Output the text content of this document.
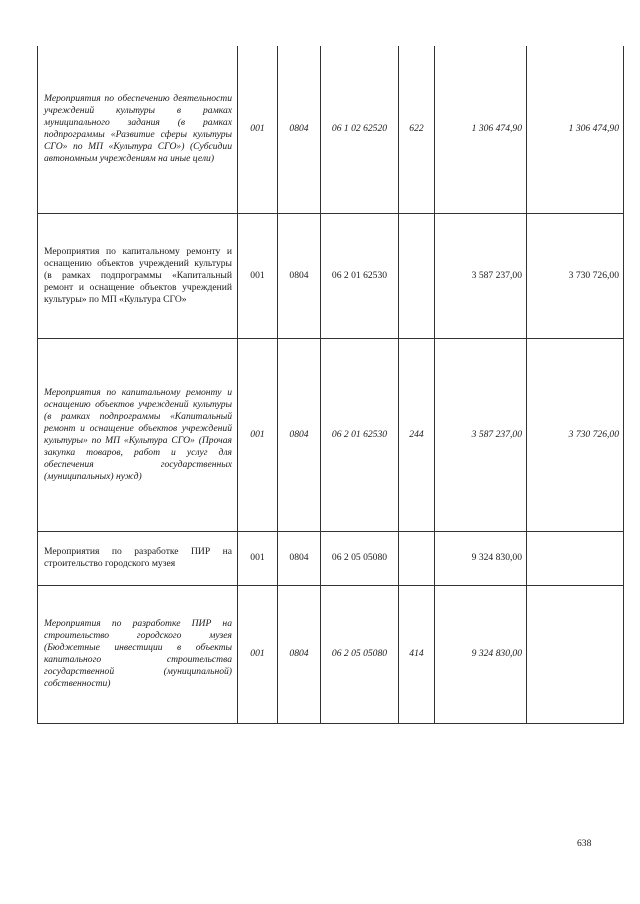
Мероприятия по обеспечению деятельности учреждений культуры в рамках муниципального задания (в рамках подпрограммы «Развитие сферы культуры СГО» по МП «Культура СГО») (Субсидии автономным учреждениям на иные цели)	001	0804	06 1 02 62520	622	1 306 474,90	1 306 474,90
Мероприятия по капитальному ремонту и оснащению объектов учреждений культуры (в рамках подпрограммы «Капитальный ремонт и оснащение объектов учреждений культуры» по МП «Культура СГО»	001	0804	06 2 01 62530		3 587 237,00	3 730 726,00
Мероприятия по капитальному ремонту и оснащению объектов учреждений культуры (в рамках подпрограммы «Капитальный ремонт и оснащение объектов учреждений культуры» по МП «Культура СГО» (Прочая закупка товаров, работ и услуг для обеспечения государственных (муниципальных) нужд)	001	0804	06 2 01 62530	244	3 587 237,00	3 730 726,00
Мероприятия по разработке ПИР на строительство городского музея	001	0804	06 2 05 05080		9 324 830,00	
Мероприятия по разработке ПИР на строительство городского музея (Бюджетные инвестиции в объекты капитального строительства государственной (муниципальной) собственности)	001	0804	06 2 05 05080	414	9 324 830,00	
638
